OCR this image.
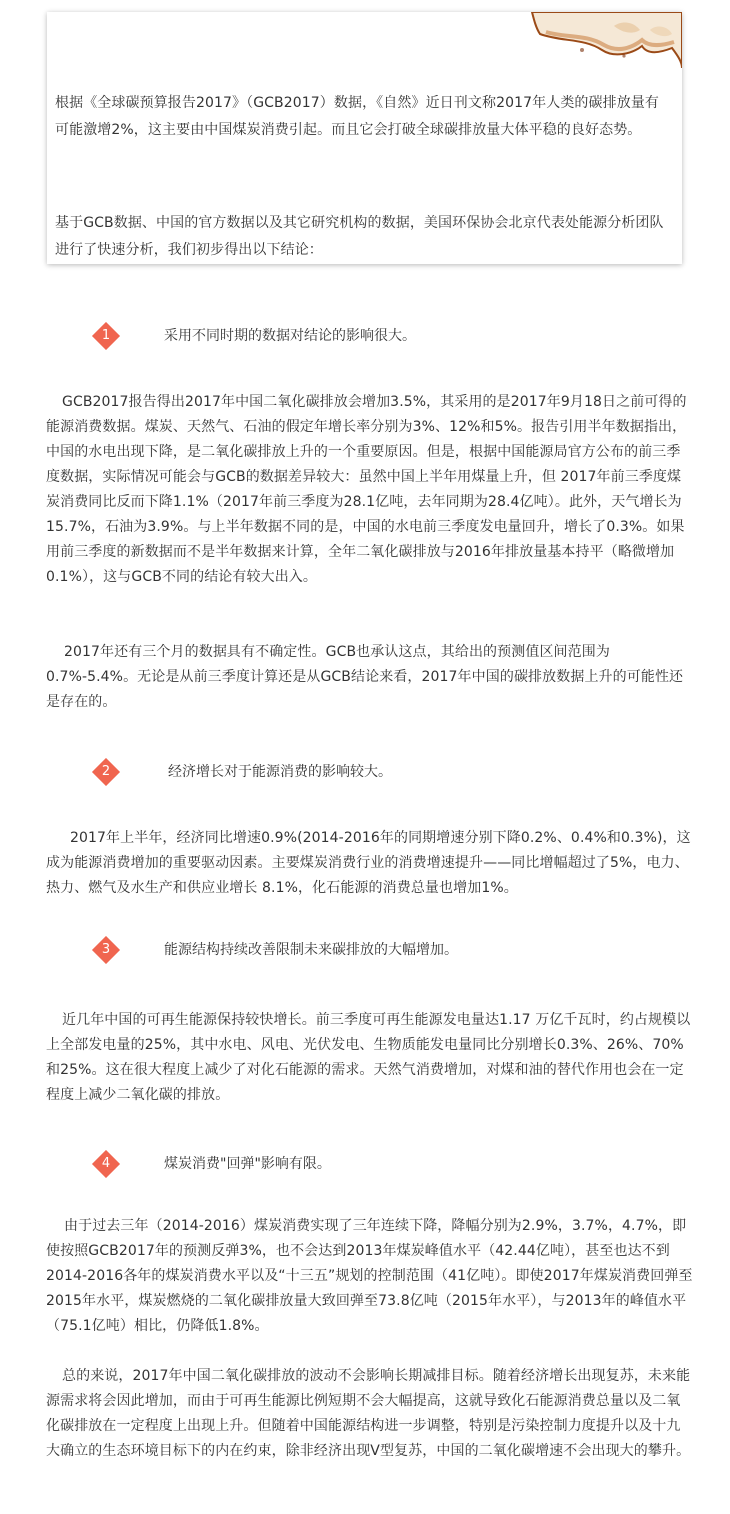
根据《全球碳预算报告2017》（GCB2017）数据，《自然》近日刊文称2017年人类的碳排放量有可能激增2%，这主要由中国煤炭消费引起。而且它会打破全球碳排放量大体平稳的良好态势。

基于GCB数据、中国的官方数据以及其它研究机构的数据，美国环保协会北京代表处能源分析团队进行了快速分析，我们初步得出以下结论：

1	采用不同时期的数据对结论的影响很大。

GCB2017报告得出2017年中国二氧化碳排放会增加3.5%，其采用的是2017年9月18日之前可得的能源消费数据。煤炭、天然气、石油的假定年增长率分别为3%、12%和5%。报告引用半年数据指出，中国的水电出现下降，是二氧化碳排放上升的一个重要原因。但是，根据中国能源局官方公布的前三季度数据，实际情况可能会与GCB的数据差异较大：虽然中国上半年用煤量上升，但 2017年前三季度煤炭消费同比反而下降1.1%（2017年前三季度为28.1亿吨，去年同期为28.4亿吨）。此外，天气增长为15.7%，石油为3.9%。与上半年数据不同的是，中国的水电前三季度发电量回升，增长了0.3%。如果用前三季度的新数据而不是半年数据来计算，全年二氧化碳排放与2016年排放量基本持平（略微增加0.1%），这与GCB不同的结论有较大出入。

2017年还有三个月的数据具有不确定性。GCB也承认这点，其给出的预测值区间范围为0.7%-5.4%。无论是从前三季度计算还是从GCB结论来看，2017年中国的碳排放数据上升的可能性还是存在的。

2	经济增长对于能源消费的影响较大。

2017年上半年，经济同比增速0.9%(2014-2016年的同期增速分别下降0.2%、0.4%和0.3%)，这成为能源消费增加的重要驱动因素。主要煤炭消费行业的消费增速提升——同比增幅超过了5%，电力、热力、燃气及水生产和供应业增长 8.1%，化石能源的消费总量也增加1%。

3	能源结构持续改善限制未来碳排放的大幅增加。

近几年中国的可再生能源保持较快增长。前三季度可再生能源发电量达1.17 万亿千瓦时，约占规模以上全部发电量的25%，其中水电、风电、光伏发电、生物质能发电量同比分别增长0.3%、26%、70%和25%。这在很大程度上减少了对化石能源的需求。天然气消费增加，对煤和油的替代作用也会在一定程度上减少二氧化碳的排放。

4	煤炭消费"回弹"影响有限。

由于过去三年（2014-2016）煤炭消费实现了三年连续下降，降幅分别为2.9%，3.7%，4.7%，即使按照GCB2017年的预测反弹3%，也不会达到2013年煤炭峰值水平（42.44亿吨），甚至也达不到2014-2016各年的煤炭消费水平以及“十三五”规划的控制范围（41亿吨）。即使2017年煤炭消费回弹至2015年水平，煤炭燃烧的二氧化碳排放量大致回弹至73.8亿吨（2015年水平），与2013年的峰值水平（75.1亿吨）相比，仍降低1.8%。

总的来说，2017年中国二氧化碳排放的波动不会影响长期减排目标。随着经济增长出现复苏，未来能源需求将会因此增加，而由于可再生能源比例短期不会大幅提高，这就导致化石能源消费总量以及二氧化碳排放在一定程度上出现上升。但随着中国能源结构进一步调整，特别是污染控制力度提升以及十九大确立的生态环境目标下的内在约束，除非经济出现V型复苏，中国的二氧化碳增速不会出现大的攀升。
